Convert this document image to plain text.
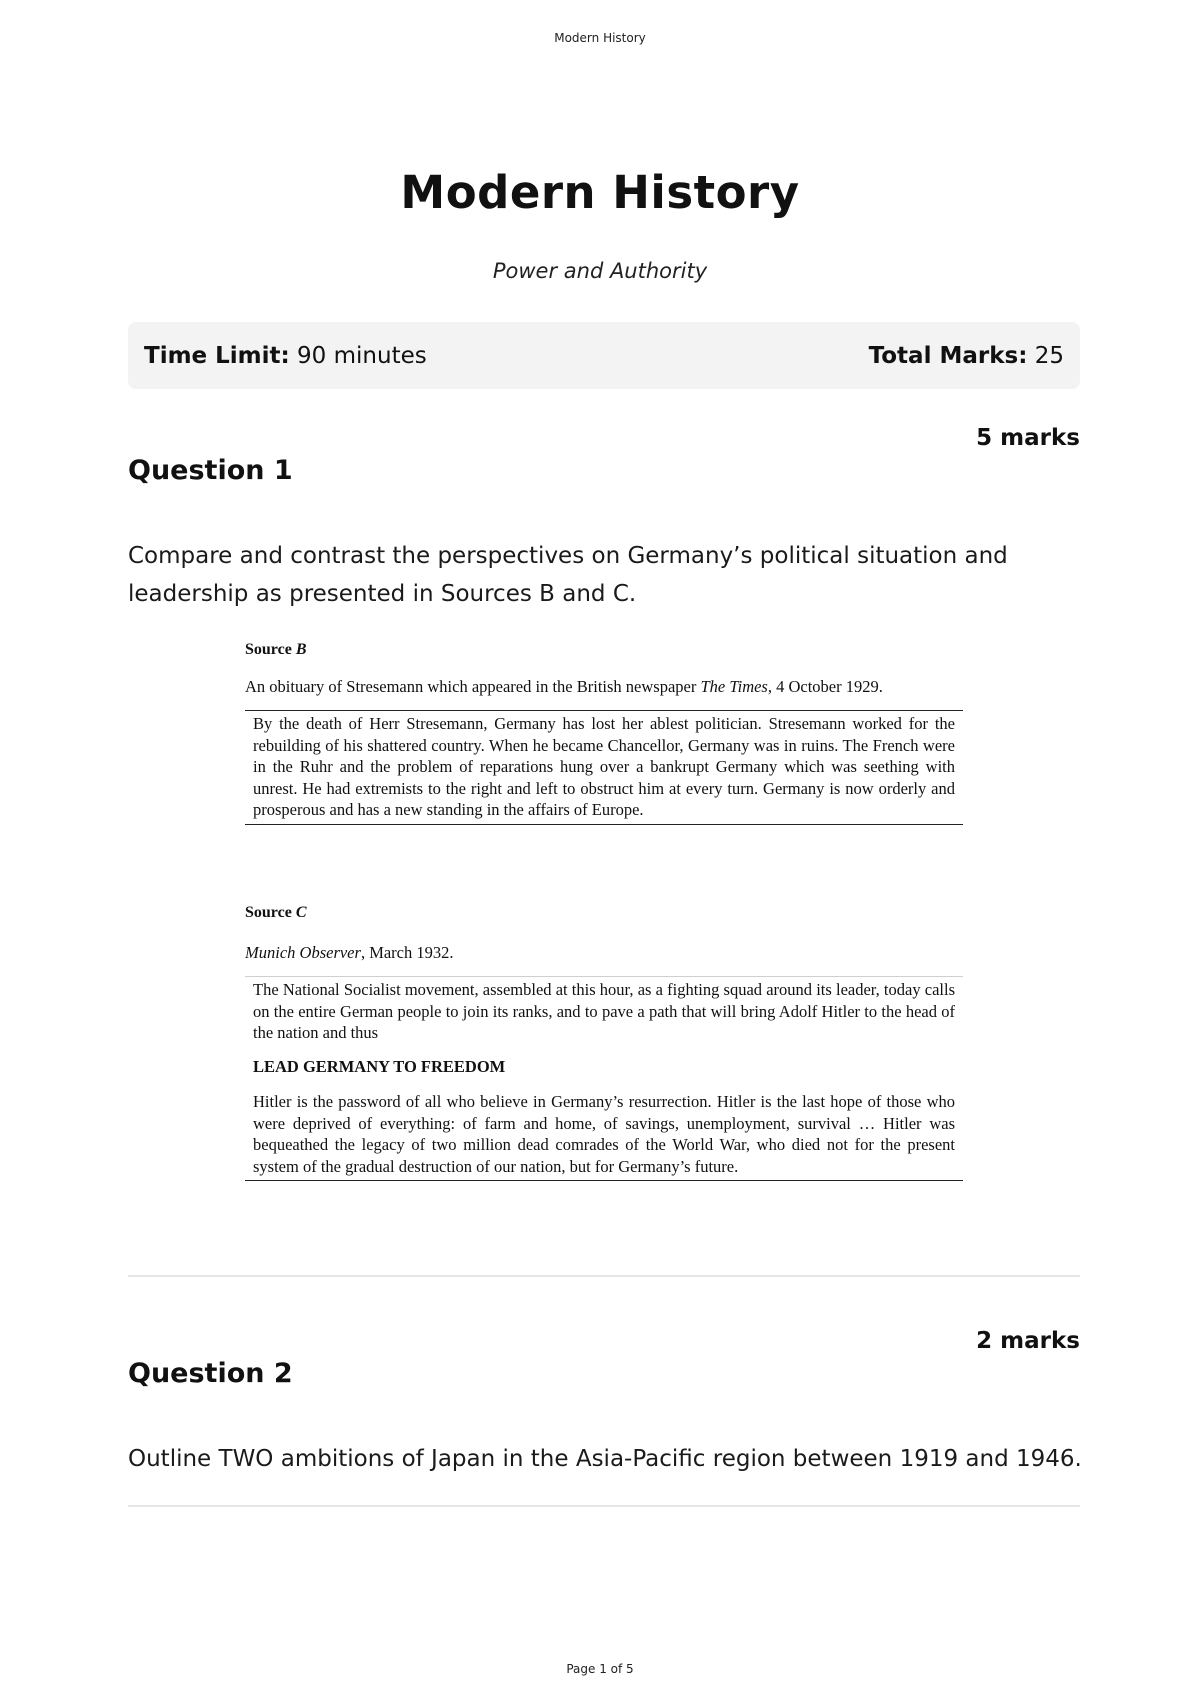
Modern History
Modern History
Power and Authority
Time Limit: 90 minutes	Total Marks: 25
5 marks
Question 1
Compare and contrast the perspectives on Germany’s political situation and leadership as presented in Sources B and C.

Source B

An obituary of Stresemann which appeared in the British newspaper The Times, 4 October 1929.

By the death of Herr Stresemann, Germany has lost her ablest politician. Stresemann worked for the rebuilding of his shattered country. When he became Chancellor, Germany was in ruins. The French were in the Ruhr and the problem of reparations hung over a bankrupt Germany which was seething with unrest. He had extremists to the right and left to obstruct him at every turn. Germany is now orderly and prosperous and has a new standing in the affairs of Europe.

Source C

Munich Observer, March 1932.

The National Socialist movement, assembled at this hour, as a fighting squad around its leader, today calls on the entire German people to join its ranks, and to pave a path that will bring Adolf Hitler to the head of the nation and thus

LEAD GERMANY TO FREEDOM

Hitler is the password of all who believe in Germany’s resurrection. Hitler is the last hope of those who were deprived of everything: of farm and home, of savings, unemployment, survival … Hitler was bequeathed the legacy of two million dead comrades of the World War, who died not for the present system of the gradual destruction of our nation, but for Germany’s future.

2 marks
Question 2
Outline TWO ambitions of Japan in the Asia-Pacific region between 1919 and 1946.
Page 1 of 5
